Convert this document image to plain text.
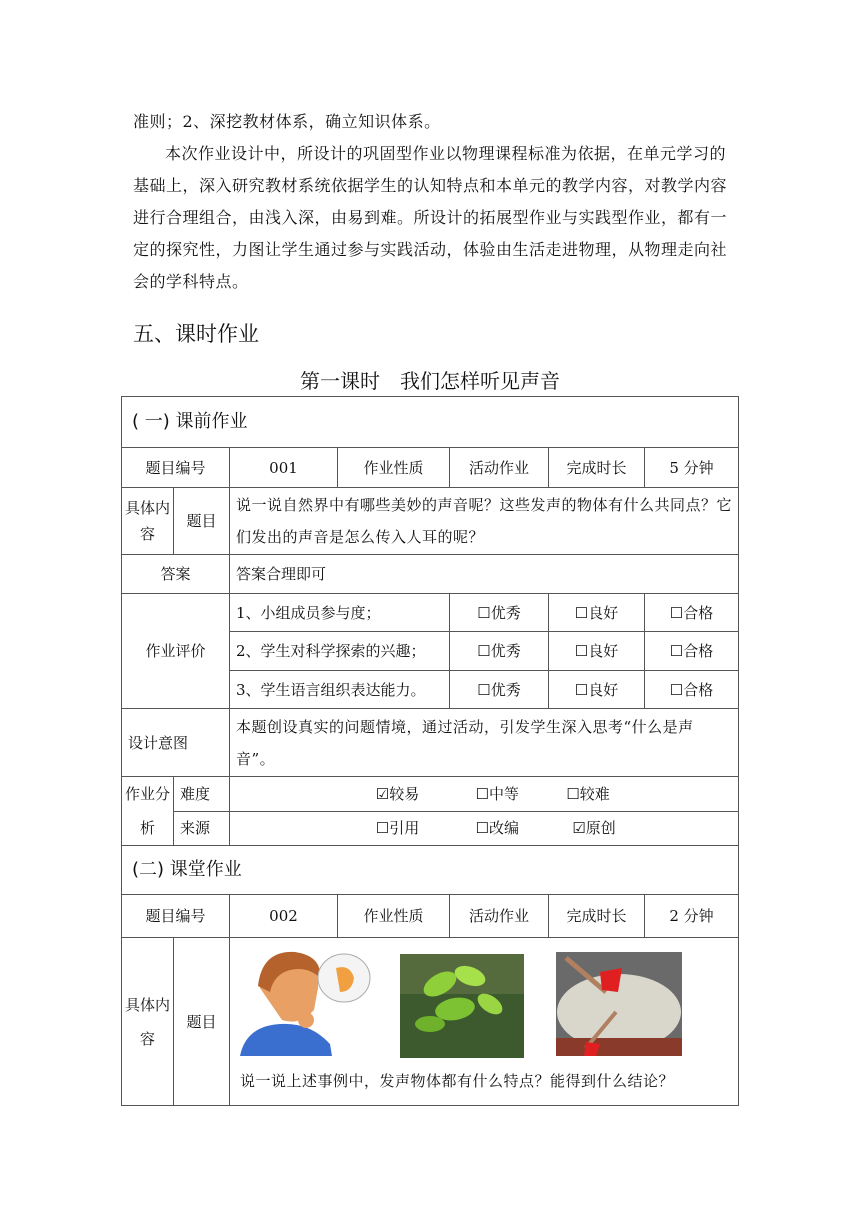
准则；2、深挖教材体系，确立知识体系。
本次作业设计中，所设计的巩固型作业以物理课程标准为依据，在单元学习的基础上，深入研究教材系统依据学生的认知特点和本单元的教学内容，对教学内容进行合理组合，由浅入深，由易到难。所设计的拓展型作业与实践型作业，都有一定的探究性，力图让学生通过参与实践活动，体验由生活走进物理，从物理走向社会的学科特点。
五、课时作业
第一课时　我们怎样听见声音
( 一) 课前作业						
题目编号		001	作业性质	活动作业	完成时长	5 分钟
具体内容	题目	说一说自然界中有哪些美妙的声音呢？这些发声的物体有什么共同点？它们发出的声音是怎么传入人耳的呢？				
答案		答案合理即可				
作业评价		1、小组成员参与度；		☐优秀	☐良好	☐合格
		2、学生对科学探索的兴趣；		☐优秀	☐良好	☐合格
		3、学生语言组织表达能力。		☐优秀	☐良好	☐合格
设计意图		本题创设真实的问题情境，通过活动，引发学生深入思考“什么是声音”。				
作业分析	难度	☑较易 ☐中等 ☐较难				
	来源	☐引用 ☐改编 ☑原创				
(二) 课堂作业						
题目编号		002	作业性质	活动作业	完成时长	2 分钟
具体内容	题目	说一说上述事例中，发声物体都有什么特点？能得到什么结论？				
